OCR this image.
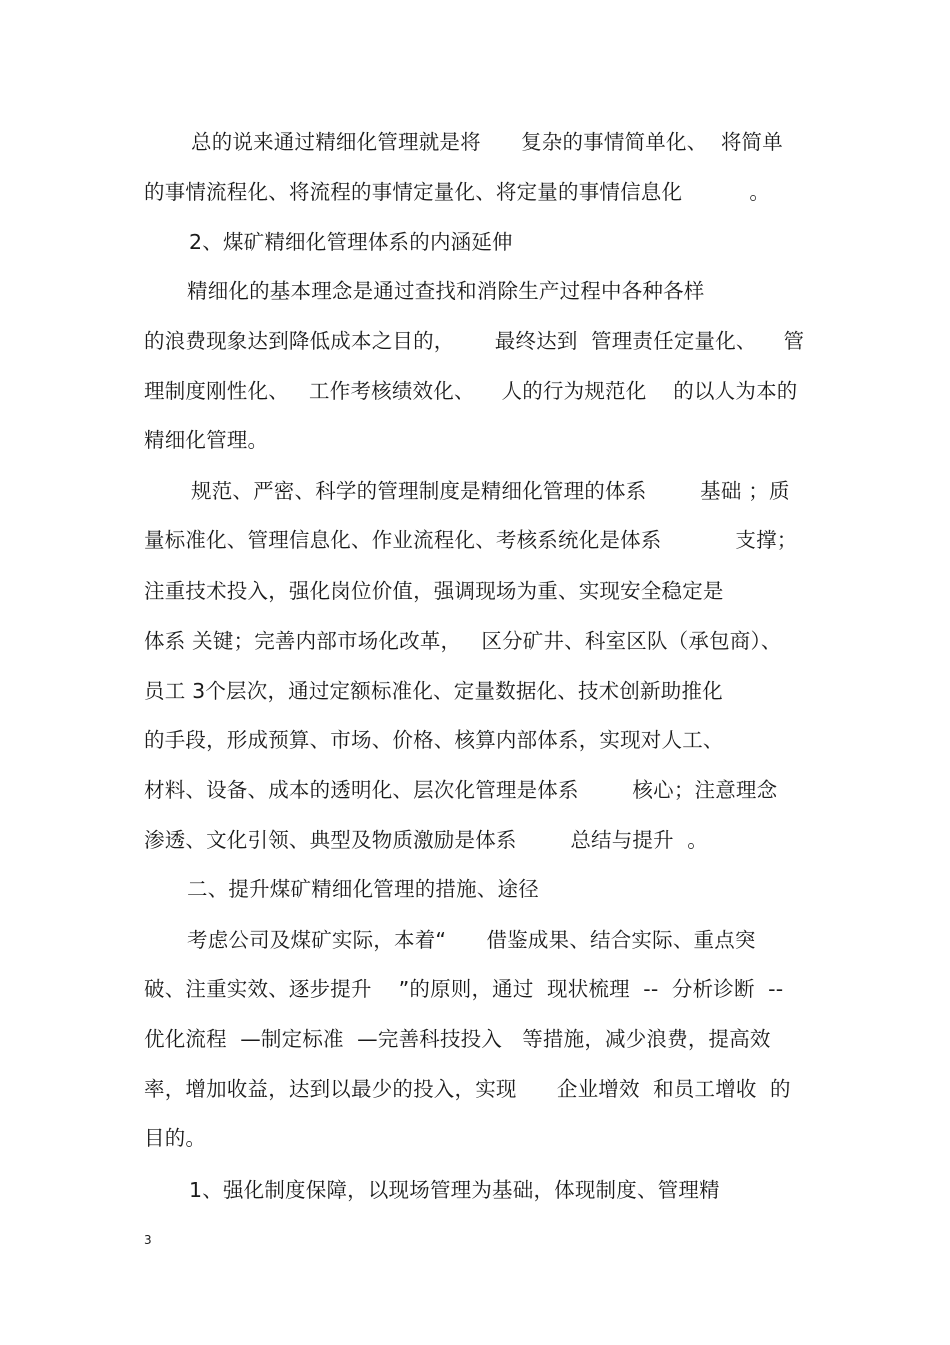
总的说来通过精细化管理就是将      复杂的事情简单化、  将简单
的事情流程化、将流程的事情定量化、将定量的事情信息化          。
2、煤矿精细化管理体系的内涵延伸
精细化的基本理念是通过查找和消除生产过程中各种各样
的浪费现象达到降低成本之目的，      最终达到  管理责任定量化、    管
理制度刚性化、   工作考核绩效化、    人的行为规范化    的以人为本的
精细化管理。
规范、严密、科学的管理制度是精细化管理的体系        基础 ；质
量标准化、管理信息化、作业流程化、考核系统化是体系           支撑；
注重技术投入，强化岗位价值，强调现场为重、实现安全稳定是
体系 关键；完善内部市场化改革，   区分矿井、科室区队（承包商）、
员工 3个层次，通过定额标准化、定量数据化、技术创新助推化
的手段，形成预算、市场、价格、核算内部体系，实现对人工、
材料、设备、成本的透明化、层次化管理是体系        核心；注意理念
渗透、文化引领、典型及物质激励是体系        总结与提升  。
二、提升煤矿精细化管理的措施、途径
考虑公司及煤矿实际，本着“      借鉴成果、结合实际、重点突
破、注重实效、逐步提升    ”的原则，通过  现状梳理  --  分析诊断  --
优化流程  —制定标准  —完善科技投入   等措施，减少浪费，提高效
率，增加收益，达到以最少的投入，实现      企业增效  和员工增收  的
目的。
1、强化制度保障，以现场管理为基础，体现制度、管理精
3
